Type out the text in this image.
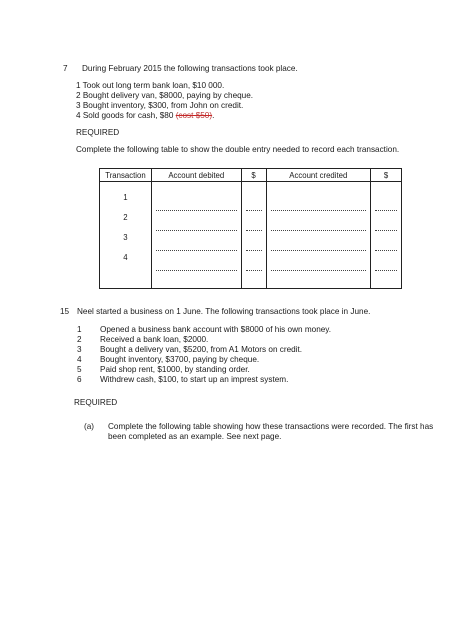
7 During February 2015 the following transactions took place.
1 Took out long term bank loan, $10 000.
2 Bought delivery van, $8000, paying by cheque.
3 Bought inventory, $300, from John on credit.
4 Sold goods for cash, $80 (cost $50).
REQUIRED
Complete the following table to show the double entry needed to record each transaction.
Transaction	Account debited	$	Account credited	$

1
2
3
4				

15 Neel started a business on 1 June. The following transactions took place in June.
1 Opened a business bank account with $8000 of his own money.
2 Received a bank loan, $2000.
3 Bought a delivery van, $5200, from A1 Motors on credit.
4 Bought inventory, $3700, paying by cheque.
5 Paid shop rent, $1000, by standing order.
6 Withdrew cash, $100, to start up an imprest system.
REQUIRED
(a) Complete the following table showing how these transactions were recorded. The first has
been completed as an example. See next page.
